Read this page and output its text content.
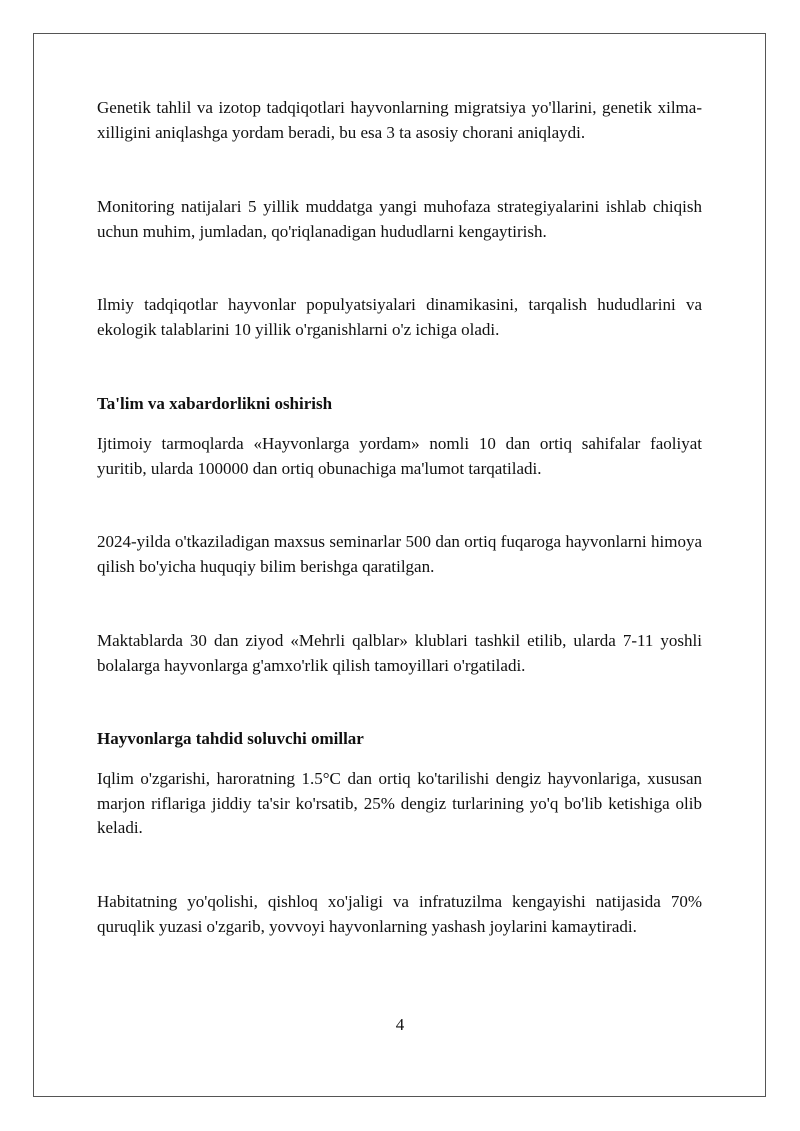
Genetik tahlil va izotop tadqiqotlari hayvonlarning migratsiya yo'llarini, genetik xilma-xilligini aniqlashga yordam beradi, bu esa 3 ta asosiy chorani aniqlaydi.

Monitoring natijalari 5 yillik muddatga yangi muhofaza strategiyalarini ishlab chiqish uchun muhim, jumladan, qo'riqlanadigan hududlarni kengaytirish.

Ilmiy tadqiqotlar hayvonlar populyatsiyalari dinamikasini, tarqalish hududlarini va ekologik talablarini 10 yillik o'rganishlarni o'z ichiga oladi.

Ta'lim va xabardorlikni oshirish

Ijtimoiy tarmoqlarda «Hayvonlarga yordam» nomli 10 dan ortiq sahifalar faoliyat yuritib, ularda 100000 dan ortiq obunachiga ma'lumot tarqatiladi.

2024-yilda o'tkaziladigan maxsus seminarlar 500 dan ortiq fuqaroga hayvonlarni himoya qilish bo'yicha huquqiy bilim berishga qaratilgan.

Maktablarda 30 dan ziyod «Mehrli qalblar» klublari tashkil etilib, ularda 7-11 yoshli bolalarga hayvonlarga g'amxo'rlik qilish tamoyillari o'rgatiladi.

Hayvonlarga tahdid soluvchi omillar

Iqlim o'zgarishi, haroratning 1.5°C dan ortiq ko'tarilishi dengiz hayvonlariga, xususan marjon riflariga jiddiy ta'sir ko'rsatib, 25% dengiz turlarining yo'q bo'lib ketishiga olib keladi.

Habitatning yo'qolishi, qishloq xo'jaligi va infratuzilma kengayishi natijasida 70% quruqlik yuzasi o'zgarib, yovvoyi hayvonlarning yashash joylarini kamaytiradi.

4
